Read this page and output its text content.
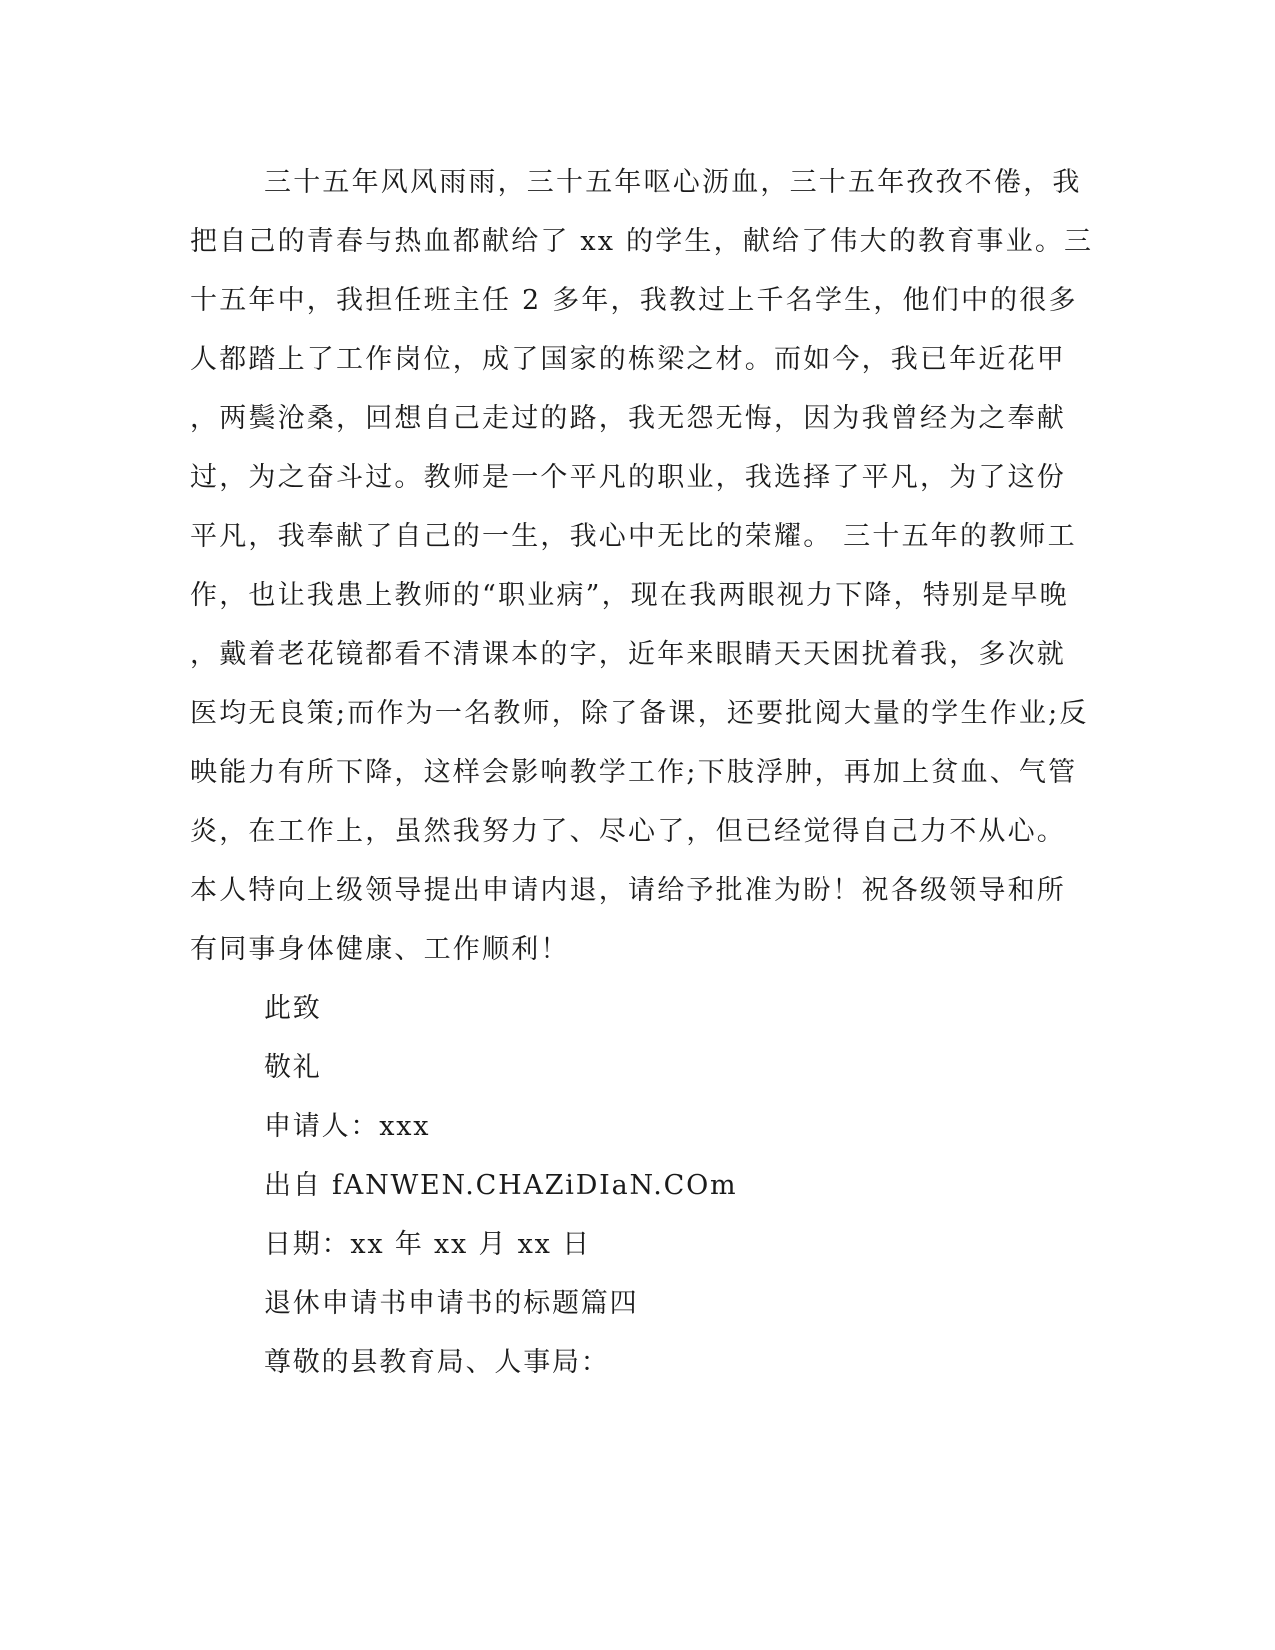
三十五年风风雨雨，三十五年呕心沥血，三十五年孜孜不倦，我
把自己的青春与热血都献给了 xx 的学生，献给了伟大的教育事业。三
十五年中，我担任班主任 2 多年，我教过上千名学生，他们中的很多
人都踏上了工作岗位，成了国家的栋梁之材。而如今，我已年近花甲
，两鬓沧桑，回想自己走过的路，我无怨无悔，因为我曾经为之奉献
过，为之奋斗过。教师是一个平凡的职业，我选择了平凡，为了这份
平凡，我奉献了自己的一生，我心中无比的荣耀。 三十五年的教师工
作，也让我患上教师的“职业病”，现在我两眼视力下降，特别是早晚
，戴着老花镜都看不清课本的字，近年来眼睛天天困扰着我，多次就
医均无良策;而作为一名教师，除了备课，还要批阅大量的学生作业;反
映能力有所下降，这样会影响教学工作;下肢浮肿，再加上贫血、气管
炎，在工作上，虽然我努力了、尽心了，但已经觉得自己力不从心。
本人特向上级领导提出申请内退，请给予批准为盼！祝各级领导和所
有同事身体健康、工作顺利！
此致
敬礼
申请人：xxx
出自 fANWEN.CHAZiDIaN.COm
日期：xx 年 xx 月 xx 日
退休申请书申请书的标题篇四
尊敬的县教育局、人事局：
